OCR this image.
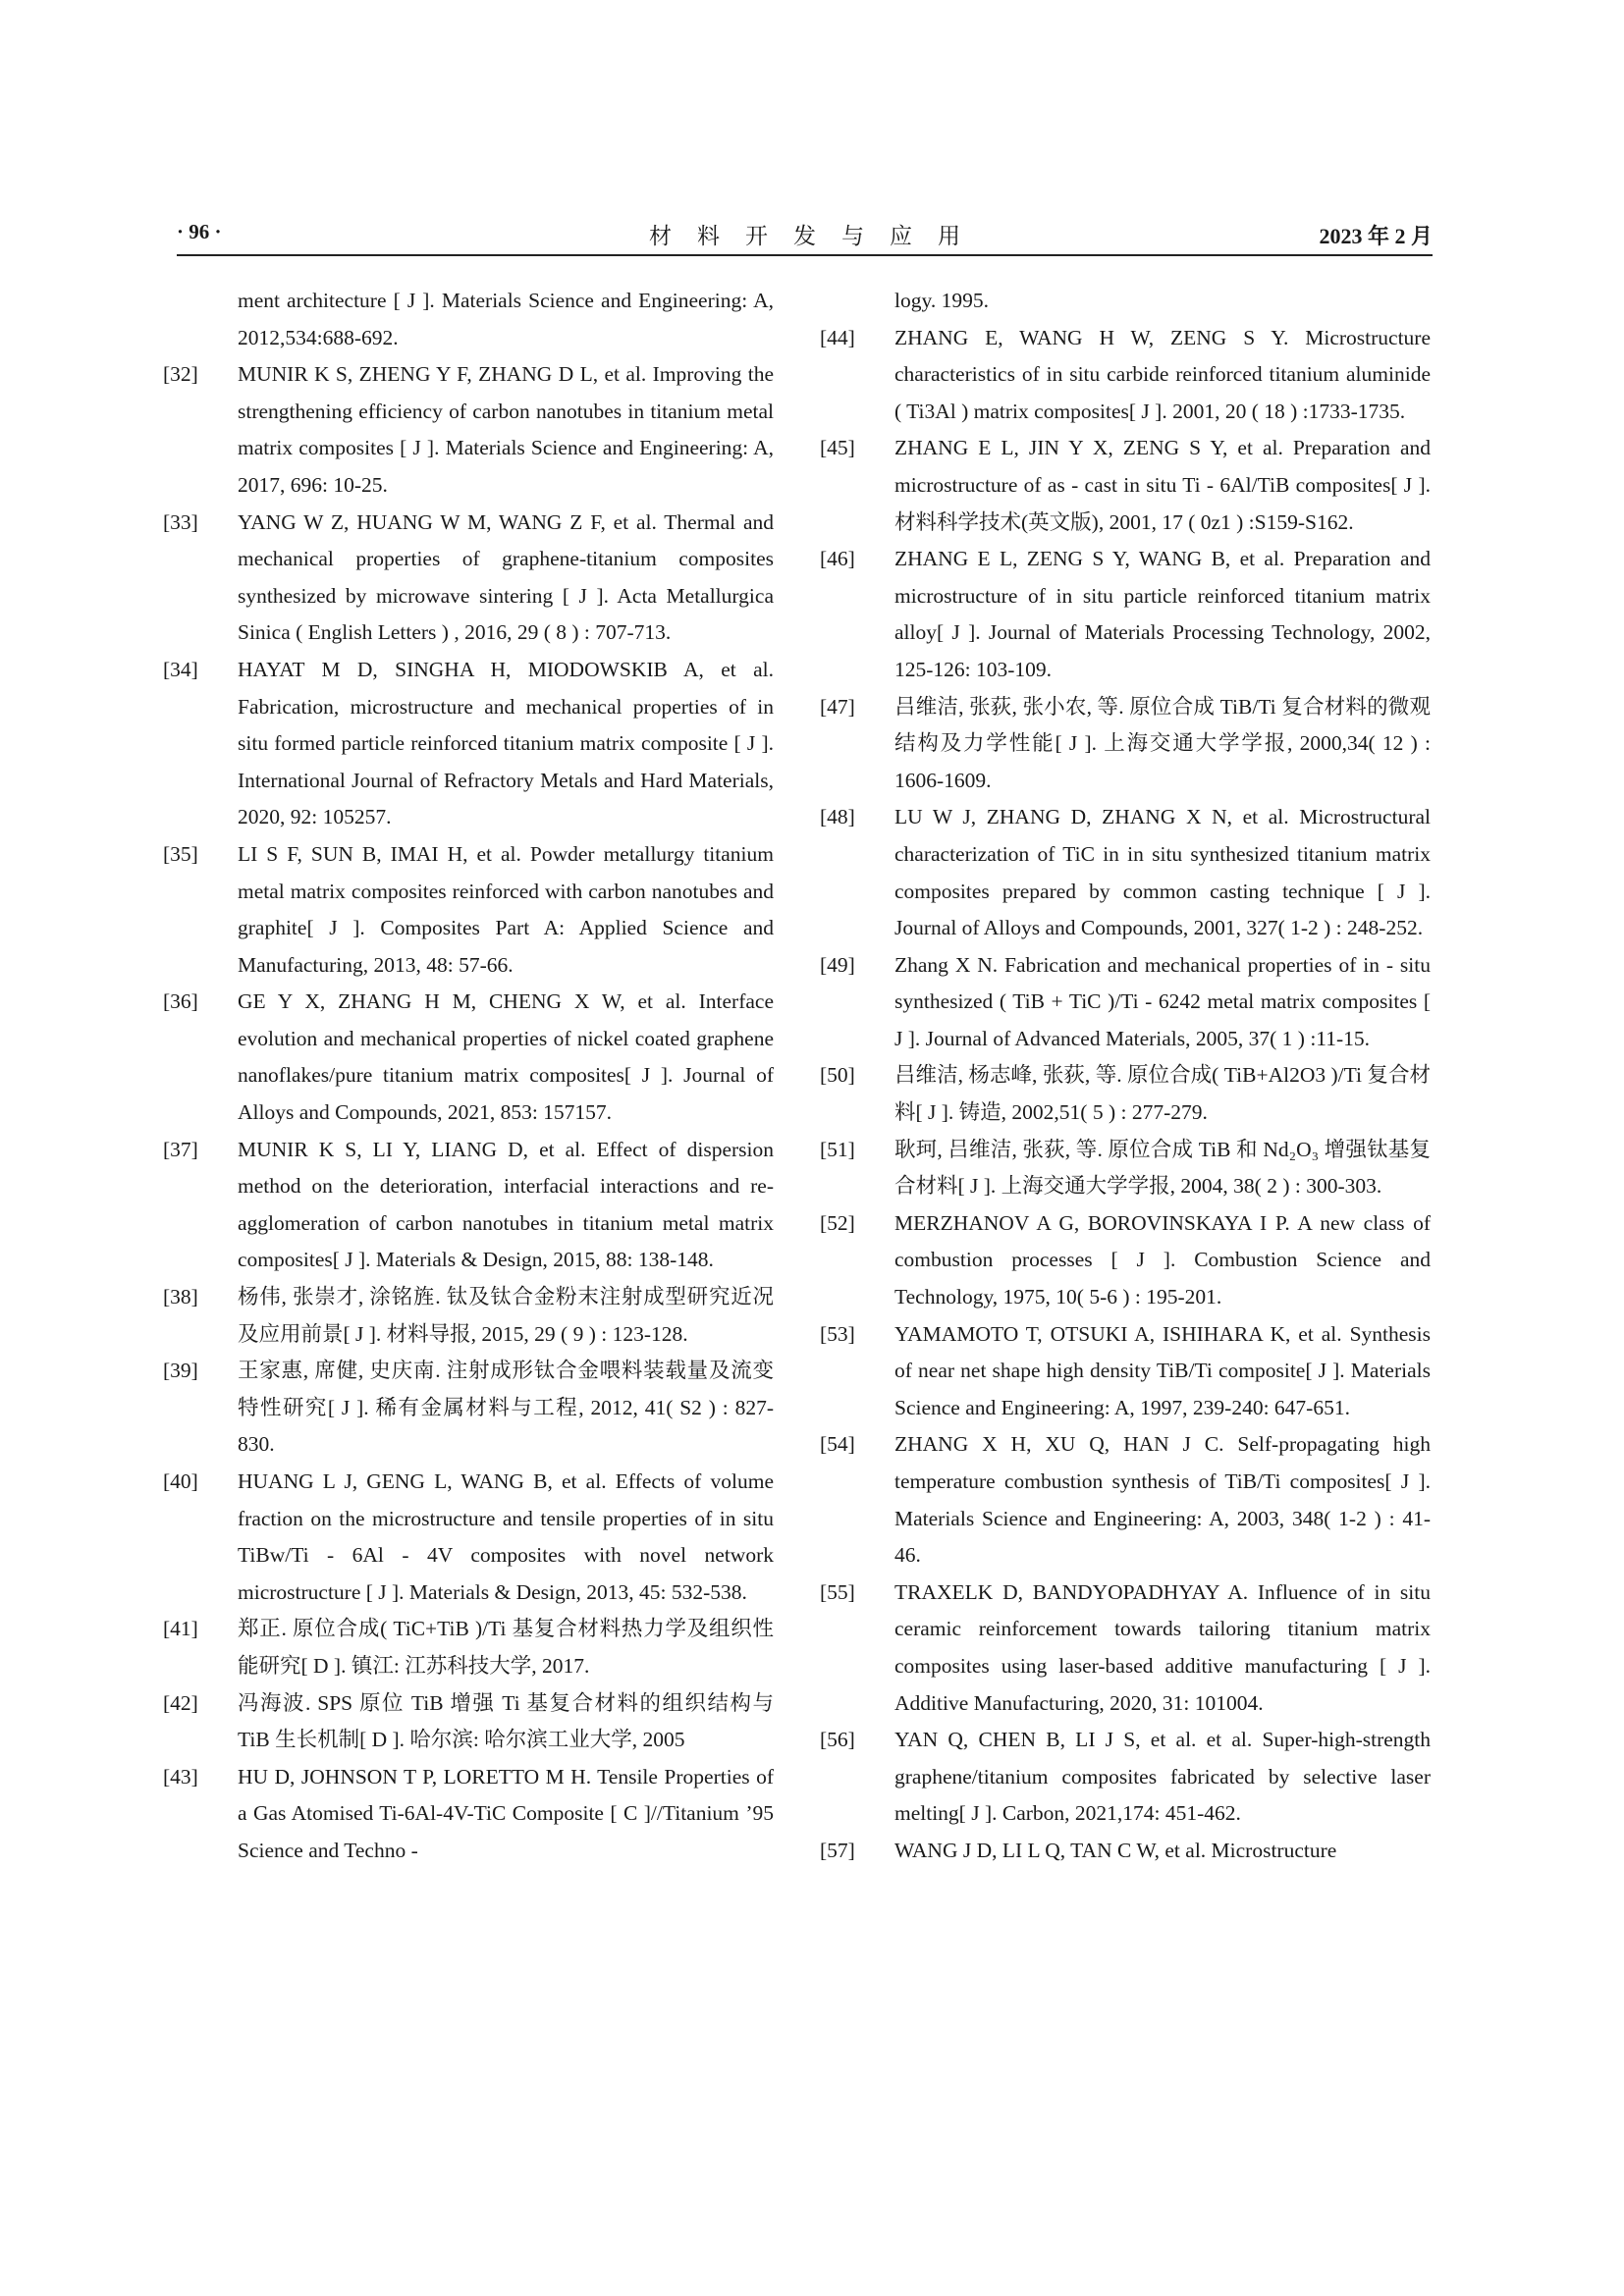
· 96 ·	材料开发与应用	2023 年 2 月
ment architecture [ J ]. Materials Science and Engineering: A, 2012,534:688-692.
[32]	MUNIR K S, ZHENG Y F, ZHANG D L, et al. Improving the strengthening efficiency of carbon nanotubes in titanium metal matrix composites [ J ]. Materials Science and Engineering: A, 2017, 696: 10-25.
[33]	YANG W Z, HUANG W M, WANG Z F, et al. Thermal and mechanical properties of graphene-titanium composites synthesized by microwave sintering [ J ]. Acta Metallurgica Sinica ( English Letters ) , 2016, 29 ( 8 ) : 707-713.
[34]	HAYAT M D, SINGHA H, MIODOWSKIB A, et al. Fabrication, microstructure and mechanical properties of in situ formed particle reinforced titanium matrix composite [ J ]. International Journal of Refractory Metals and Hard Materials, 2020, 92: 105257.
[35]	LI S F, SUN B, IMAI H, et al. Powder metallurgy titanium metal matrix composites reinforced with carbon nanotubes and graphite[ J ]. Composites Part A: Applied Science and Manufacturing, 2013, 48: 57-66.
[36]	GE Y X, ZHANG H M, CHENG X W, et al. Interface evolution and mechanical properties of nickel coated graphene nanoflakes/pure titanium matrix composites[ J ]. Journal of Alloys and Compounds, 2021, 853: 157157.
[37]	MUNIR K S, LI Y, LIANG D, et al. Effect of dispersion method on the deterioration, interfacial interactions and re-agglomeration of carbon nanotubes in titanium metal matrix composites[ J ]. Materials & Design, 2015, 88: 138-148.
[38]	杨伟, 张崇才, 涂铭旌. 钛及钛合金粉末注射成型研究近况及应用前景[ J ]. 材料导报, 2015, 29 ( 9 ) : 123-128.
[39]	王家惠, 席健, 史庆南. 注射成形钛合金喂料装载量及流变特性研究[ J ]. 稀有金属材料与工程, 2012, 41( S2 ) : 827-830.
[40]	HUANG L J, GENG L, WANG B, et al. Effects of volume fraction on the microstructure and tensile properties of in situ TiBw/Ti - 6Al - 4V composites with novel network microstructure [ J ]. Materials & Design, 2013, 45: 532-538.
[41]	郑正. 原位合成( TiC+TiB )/Ti 基复合材料热力学及组织性能研究[ D ]. 镇江: 江苏科技大学, 2017.
[42]	冯海波. SPS 原位 TiB 增强 Ti 基复合材料的组织结构与 TiB 生长机制[ D ]. 哈尔滨: 哈尔滨工业大学, 2005
[43]	HU D, JOHNSON T P, LORETTO M H. Tensile Properties of a Gas Atomised Ti-6Al-4V-TiC Composite [ C ]//Titanium ’95 Science and Techno -
logy. 1995.
[44]	ZHANG E, WANG H W, ZENG S Y. Microstructure characteristics of in situ carbide reinforced titanium aluminide ( Ti3Al ) matrix composites[ J ]. 2001, 20 ( 18 ) :1733-1735.
[45]	ZHANG E L, JIN Y X, ZENG S Y, et al. Preparation and microstructure of as - cast in situ Ti - 6Al/TiB composites[ J ]. 材料科学技术(英文版), 2001, 17 ( 0z1 ) :S159-S162.
[46]	ZHANG E L, ZENG S Y, WANG B, et al. Preparation and microstructure of in situ particle reinforced titanium matrix alloy[ J ]. Journal of Materials Processing Technology, 2002, 125-126: 103-109.
[47]	吕维洁, 张荻, 张小农, 等. 原位合成 TiB/Ti 复合材料的微观结构及力学性能[ J ]. 上海交通大学学报, 2000,34( 12 ) : 1606-1609.
[48]	LU W J, ZHANG D, ZHANG X N, et al. Microstructural characterization of TiC in in situ synthesized titanium matrix composites prepared by common casting technique [ J ]. Journal of Alloys and Compounds, 2001, 327( 1-2 ) : 248-252.
[49]	Zhang X N. Fabrication and mechanical properties of in - situ synthesized ( TiB + TiC )/Ti - 6242 metal matrix composites [ J ]. Journal of Advanced Materials, 2005, 37( 1 ) :11-15.
[50]	吕维洁, 杨志峰, 张荻, 等. 原位合成( TiB+Al2O3 )/Ti 复合材料[ J ]. 铸造, 2002,51( 5 ) : 277-279.
[51]	耿珂, 吕维洁, 张荻, 等. 原位合成 TiB 和 Nd₂O₃ 增强钛基复合材料[ J ]. 上海交通大学学报, 2004, 38( 2 ) : 300-303.
[52]	MERZHANOV A G, BOROVINSKAYA I P. A new class of combustion processes [ J ]. Combustion Science and Technology, 1975, 10( 5-6 ) : 195-201.
[53]	YAMAMOTO T, OTSUKI A, ISHIHARA K, et al. Synthesis of near net shape high density TiB/Ti composite[ J ]. Materials Science and Engineering: A, 1997, 239-240: 647-651.
[54]	ZHANG X H, XU Q, HAN J C. Self-propagating high temperature combustion synthesis of TiB/Ti composites[ J ]. Materials Science and Engineering: A, 2003, 348( 1-2 ) : 41-46.
[55]	TRAXELK D, BANDYOPADHYAY A. Influence of in situ ceramic reinforcement towards tailoring titanium matrix composites using laser-based additive manufacturing [ J ]. Additive Manufacturing, 2020, 31: 101004.
[56]	YAN Q, CHEN B, LI J S, et al. et al. Super-high-strength graphene/titanium composites fabricated by selective laser melting[ J ]. Carbon, 2021,174: 451-462.
[57]	WANG J D, LI L Q, TAN C W, et al. Microstructure
